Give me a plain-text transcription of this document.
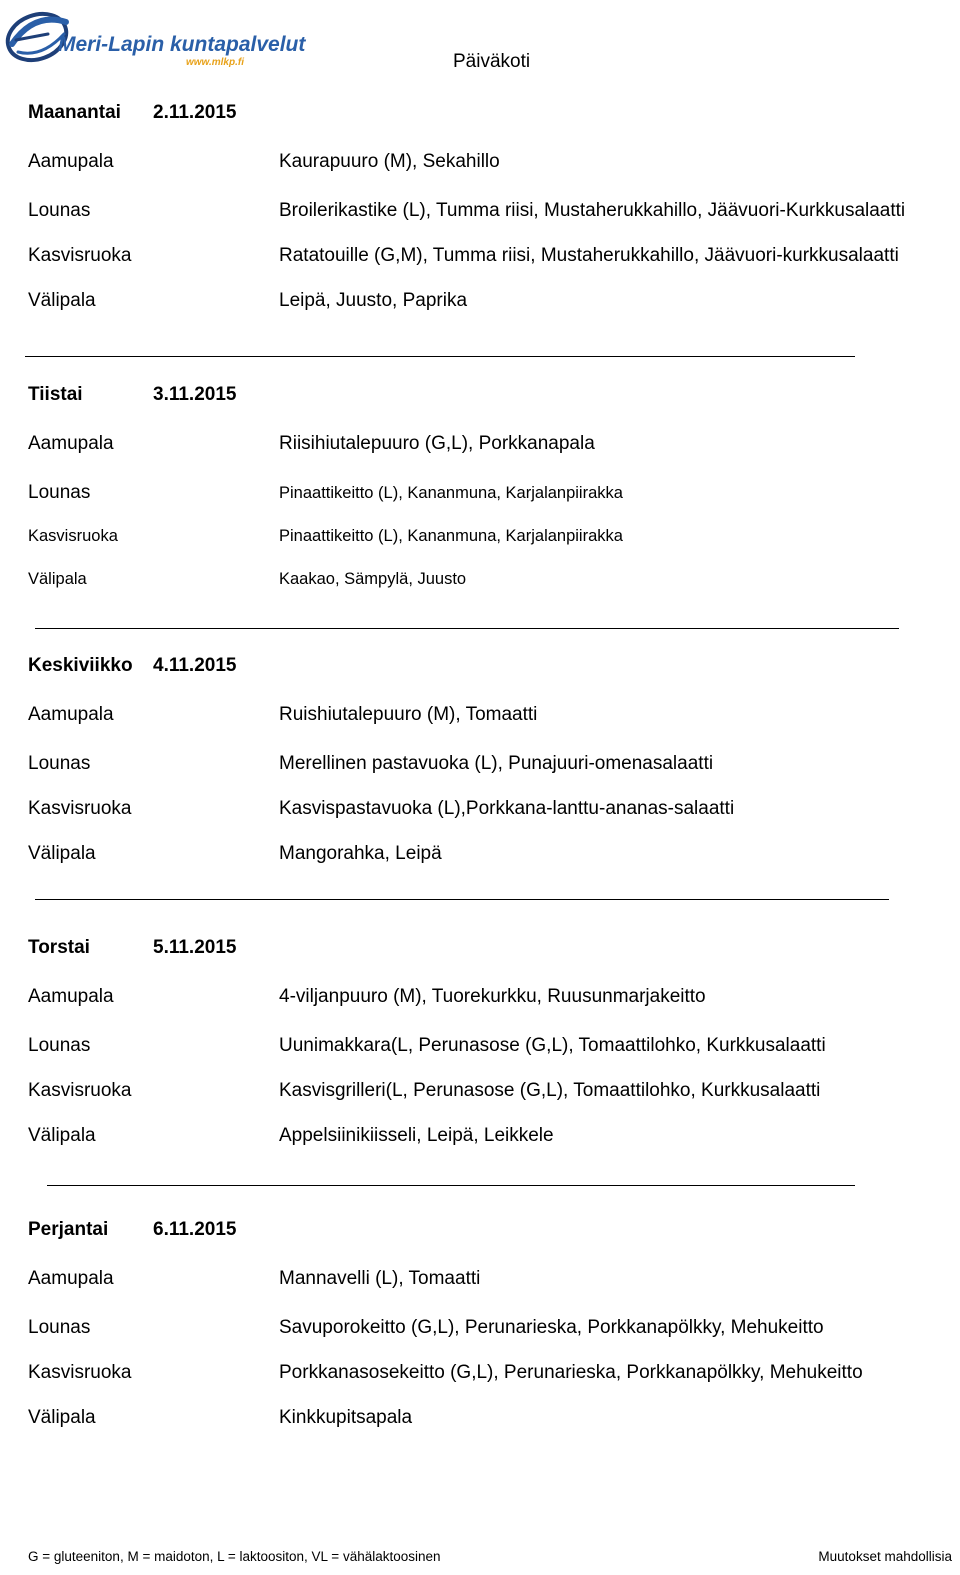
Meri-Lapin kuntapalvelut
www.mlkp.fi	Päiväkoti
Maanantai 2.11.2015
Aamupala	Kaurapuuro (M), Sekahillo
Lounas	Broilerikastike (L), Tumma riisi, Mustaherukkahillo, Jäävuori-Kurkkusalaatti
Kasvisruoka	Ratatouille (G,M), Tumma riisi, Mustaherukkahillo, Jäävuori-kurkkusalaatti
Välipala	Leipä, Juusto, Paprika
Tiistai	3.11.2015
Aamupala	Riisihiutalepuuro (G,L), Porkkanapala
Lounas	Pinaattikeitto (L), Kananmuna, Karjalanpiirakka
Kasvisruoka	Pinaattikeitto (L), Kananmuna, Karjalanpiirakka
Välipala	Kaakao, Sämpylä, Juusto
Keskiviikko 4.11.2015
Aamupala	Ruishiutalepuuro (M), Tomaatti
Lounas	Merellinen pastavuoka (L), Punajuuri-omenasalaatti
Kasvisruoka	Kasvispastavuoka (L),Porkkana-lanttu-ananas-salaatti
Välipala	Mangorahka, Leipä
Torstai	5.11.2015
Aamupala	4-viljanpuuro (M), Tuorekurkku, Ruusunmarjakeitto
Lounas	Uunimakkara(L, Perunasose (G,L), Tomaattilohko, Kurkkusalaatti
Kasvisruoka	Kasvisgrilleri(L, Perunasose (G,L), Tomaattilohko, Kurkkusalaatti
Välipala	Appelsiinikiisseli, Leipä, Leikkele
Perjantai 6.11.2015
Aamupala	Mannavelli (L), Tomaatti
Lounas	Savuporokeitto (G,L), Perunarieska, Porkkanapölkky, Mehukeitto
Kasvisruoka	Porkkanasosekeitto (G,L), Perunarieska, Porkkanapölkky, Mehukeitto
Välipala	Kinkkupitsapala
G = gluteeniton, M = maidoton, L = laktoositon, VL = vähälaktoosinen	Muutokset mahdollisia
